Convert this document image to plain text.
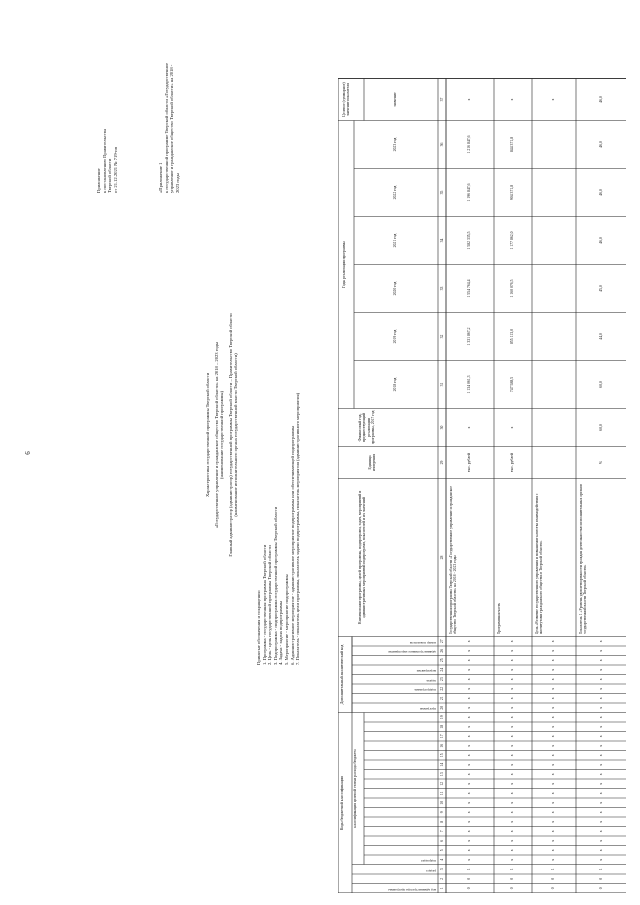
6
Приложение к постановлению Правительства Тверской области от 21.12.2021 № 719-пп	«Приложение 1 к государственной программе Тверской области «Государственное управление и гражданское общество Тверской области» на 2018 - 2023 годы
Характеристика государственной программы Тверской области «Государственное управление и гражданское общество Тверской области» на 2018 – 2023 годы (наименование государственной программы) Главный администратор (администратор) государственной программы Тверской области – Правительство Тверской области (наименование исполнительного органа государственной власти Тверской области)
Принятые обозначения и сокращения: 1. Программа - государственная программа Тверской области 2. Цель - цель государственной программы Тверской области 3. Подпрограмма - подпрограмма государственной программы Тверской области 4. Задача - задача подпрограммы 5. Мероприятие - мероприятие подпрограммы 6. Административное мероприятие - административное мероприятие подпрограммы или обеспечивающей подпрограммы 7. Показатель - показатель цели программы, показатель задачи подпрограммы, показатель мероприятия (административного мероприятия)
Коды бюджетной классификации
Дополнительный аналитический код
классификация целевой статьи расхода бюджета
код администратора программы
раздел
подраздел
программа
подпрограмма
задача
мероприятие
административное мероприятие
номер показателя
Наименование программы, целей программы, подпрограмм, задач, мероприятий и административных мероприятий подпрограмм, показателей и их значений
Единица измерения
Финансовый год, предшествующий реализации программы, 2017 год
Годы реализации программы
2018 год
2019 год
2020 год
2021 год
2022 год
2023 год
Целевое (суммарное) значение показателя	значение
1
2
3
4
5
6
7
8
9
10
11
12
13
14
15
16
17
18
19
20
21
22
23
24
25
26
27
28
29
30
31
32
33
34
35
36
37
0
0
1
x
x
x
x
x
x
x
x
x
x
x
x
x
x
x
x
x
x
x
x
x
x
x
x
Государственная программа Тверской области «Государственное управление и гражданское общество Тверской области» на 2018 - 2023 годы
тыс. рублей
х
1 134 061,3
1 331 867,2
1 554 764,4
1 582 335,5
1 196 847,6
1 216 847,6
х
0
0
1
x
x
x
x
x
x
x
x
x
x
x
x
x
x
x
x
x
x
x
x
x
x
x
x
Программная часть
тыс. рублей
х
747 588,5
855 113,0
1 160 076,5
1 177 862,0
904 371,8
844 371,8
х
0
0
1
x
x
x
x
x
x
x
x
x
x
x
x
x
x
x
x
x
x
x
x
x
x
x
x
Цель «Развитие государственного управления и повышение качества взаимодействия с институтами гражданского общества в Тверской области»
х
0
0
1
x
x
x
x
x
x
x
x
x
x
x
x
x
x
x
x
x
x
x
x
x
x
x
x
Показатель 1 «Уровень удовлетворенности граждан деятельностью исполнительных органов государственной власти Тверской области»
%
60,0
60,0
44,0
45,0
46,0
46,0
46,0
46,0
